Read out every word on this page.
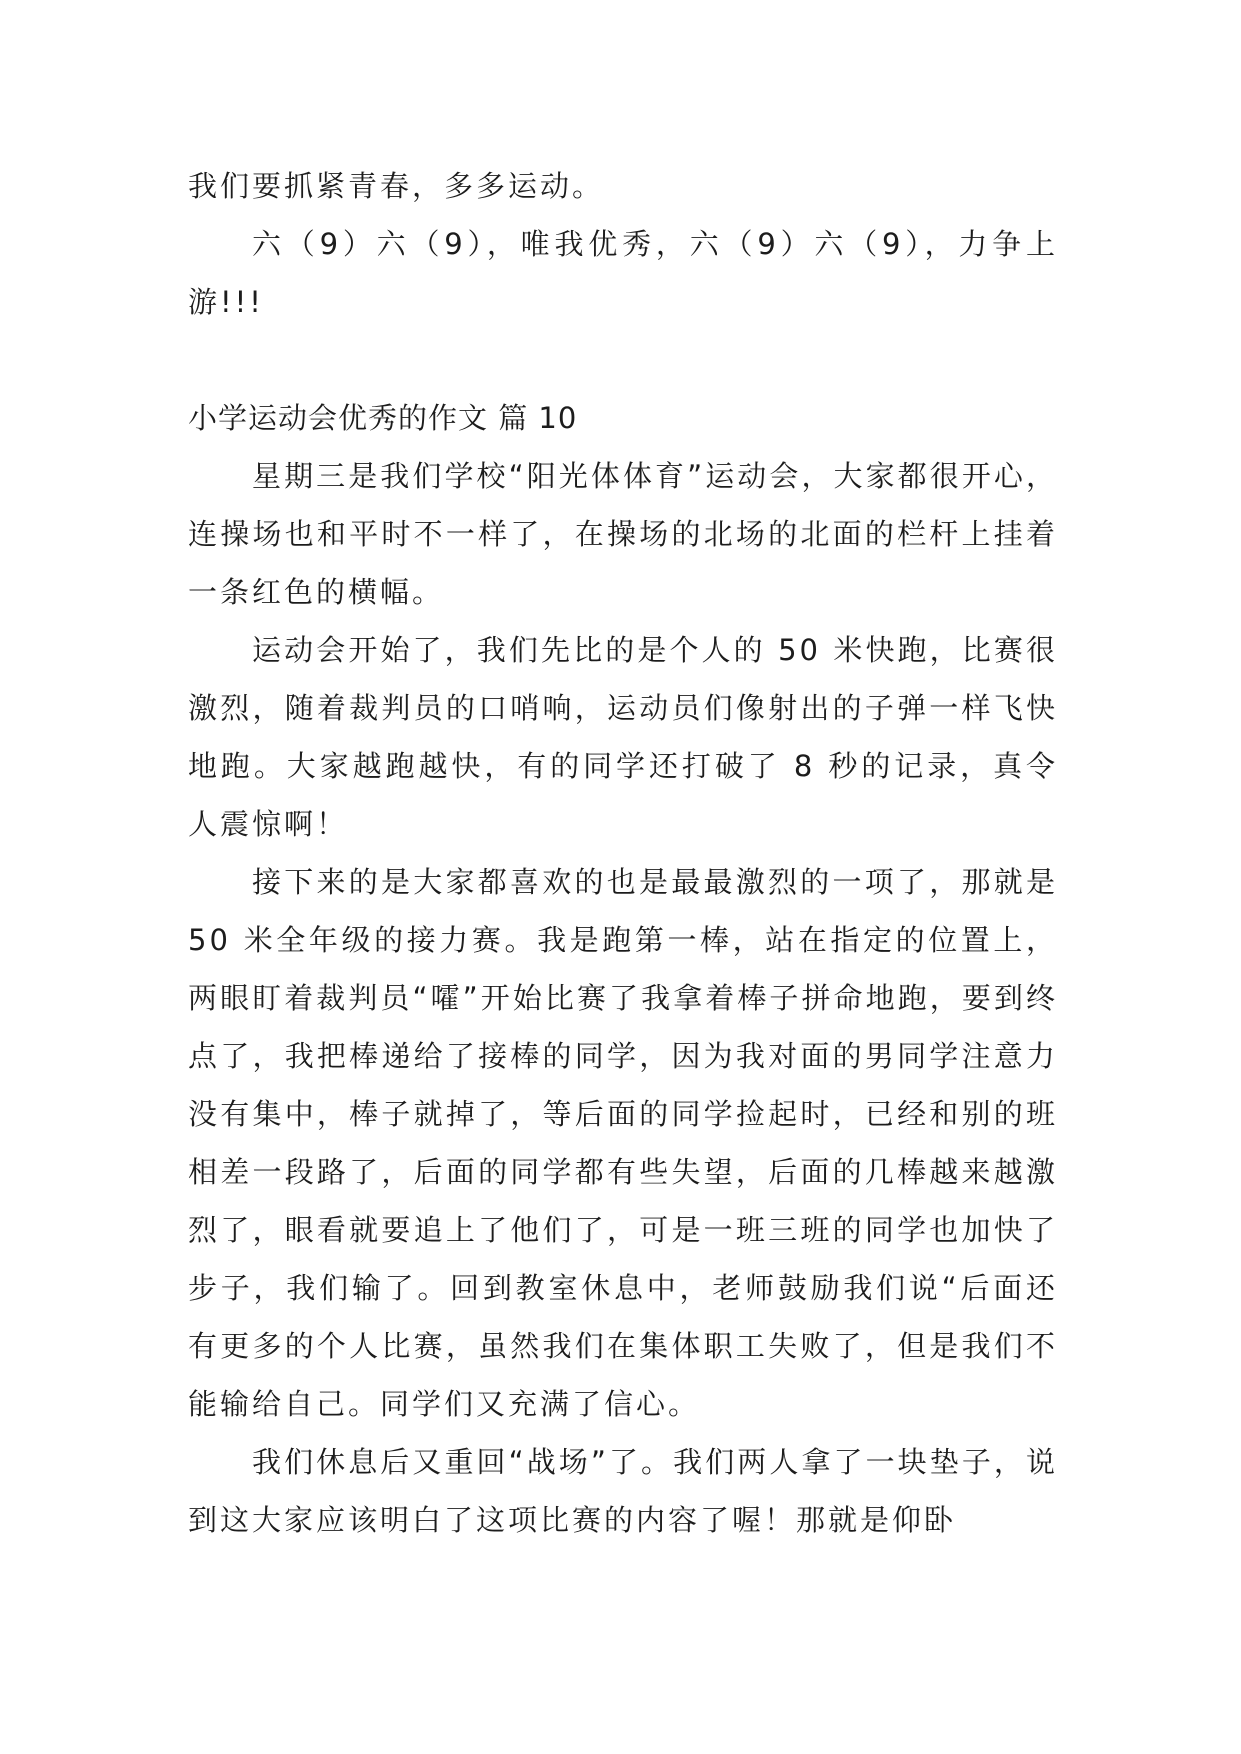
我们要抓紧青春，多多运动。

六（9）六（9），唯我优秀，六（9）六（9），力争上游!!!

小学运动会优秀的作文 篇 10

星期三是我们学校“阳光体体育”运动会，大家都很开心，连操场也和平时不一样了，在操场的北场的北面的栏杆上挂着一条红色的横幅。

运动会开始了，我们先比的是个人的 50 米快跑，比赛很激烈，随着裁判员的口哨响，运动员们像射出的子弹一样飞快地跑。大家越跑越快，有的同学还打破了 8 秒的记录，真令人震惊啊！

接下来的是大家都喜欢的也是最最激烈的一项了，那就是 50 米全年级的接力赛。我是跑第一棒，站在指定的位置上，两眼盯着裁判员“嚯”开始比赛了我拿着棒子拼命地跑，要到终点了，我把棒递给了接棒的同学，因为我对面的男同学注意力没有集中，棒子就掉了，等后面的同学捡起时，已经和别的班相差一段路了，后面的同学都有些失望，后面的几棒越来越激烈了，眼看就要追上了他们了，可是一班三班的同学也加快了步子，我们输了。回到教室休息中，老师鼓励我们说“后面还有更多的个人比赛，虽然我们在集体职工失败了，但是我们不能输给自己。同学们又充满了信心。

我们休息后又重回“战场”了。我们两人拿了一块垫子，说到这大家应该明白了这项比赛的内容了喔！那就是仰卧
